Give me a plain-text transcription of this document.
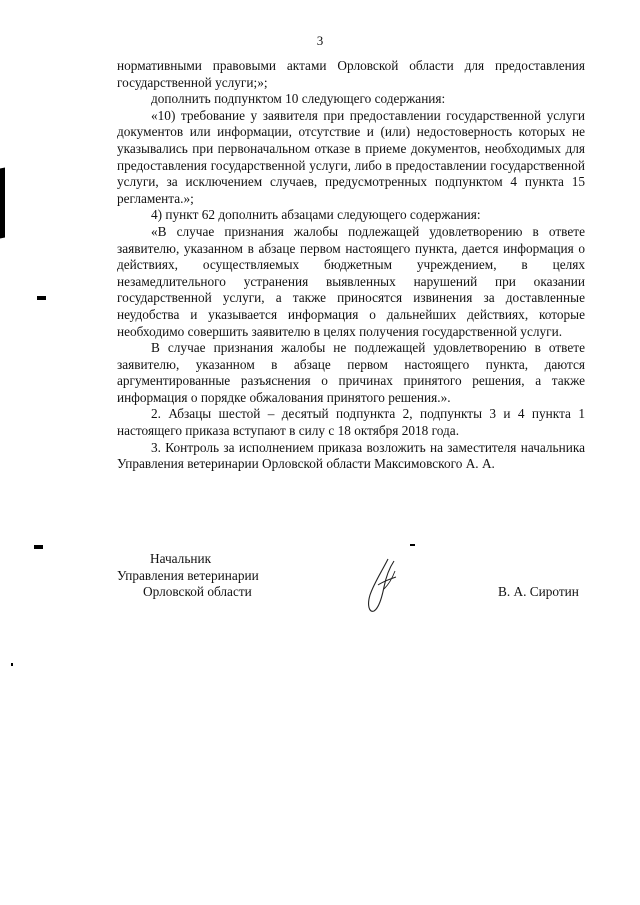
3

нормативными правовыми актами Орловской области для предоставления государственной услуги;»;

дополнить подпунктом 10 следующего содержания:

«10) требование у заявителя при предоставлении государственной услуги документов или информации, отсутствие и (или) недостоверность которых не указывались при первоначальном отказе в приеме документов, необходимых для предоставления государственной услуги, либо в предоставлении государственной услуги, за исключением случаев, предусмотренных подпунктом 4 пункта 15 регламента.»;

4) пункт 62 дополнить абзацами следующего содержания:

«В случае признания жалобы подлежащей удовлетворению в ответе заявителю, указанном в абзаце первом настоящего пункта, дается информация о действиях, осуществляемых бюджетным учреждением, в целях незамедлительного устранения выявленных нарушений при оказании государственной услуги, а также приносятся извинения за доставленные неудобства и указывается информация о дальнейших действиях, которые необходимо совершить заявителю в целях получения государственной услуги.

В случае признания жалобы не подлежащей удовлетворению в ответе заявителю, указанном в абзаце первом настоящего пункта, даются аргументированные разъяснения о причинах принятого решения, а также информация о порядке обжалования принятого решения.».

2. Абзацы шестой – десятый подпункта 2, подпункты 3 и 4 пункта 1 настоящего приказа вступают в силу с 18 октября 2018 года.

3. Контроль за исполнением приказа возложить на заместителя начальника Управления ветеринарии Орловской области Максимовского А. А.

Начальник
Управления ветеринарии
Орловской области	В. А. Сиротин
